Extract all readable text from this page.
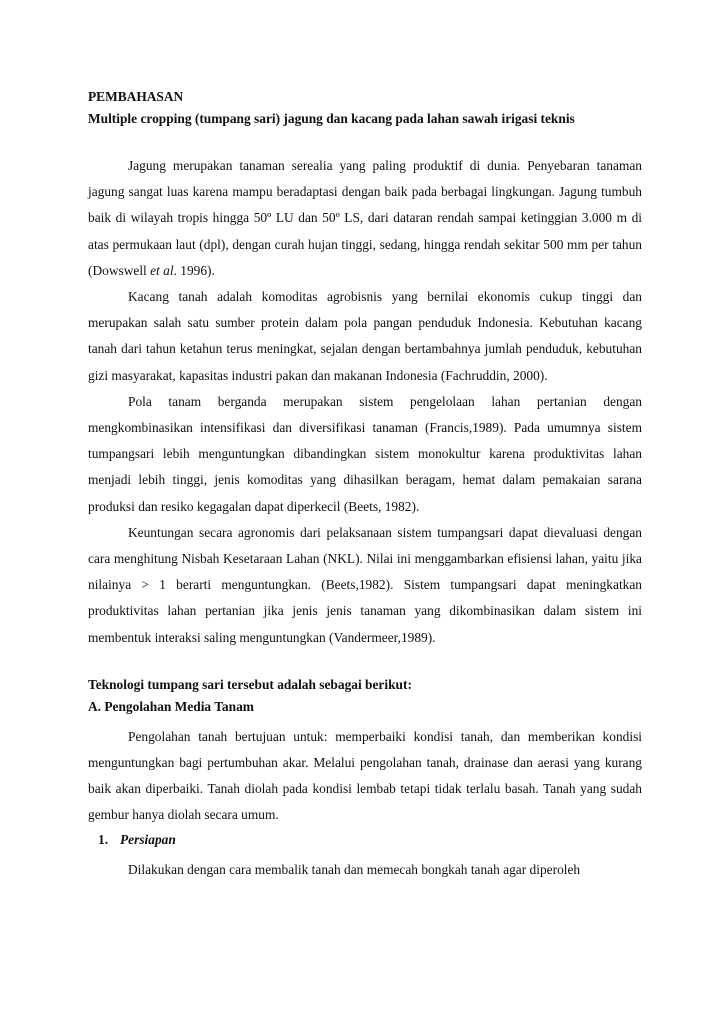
PEMBAHASAN

Multiple cropping (tumpang sari) jagung dan kacang pada lahan sawah irigasi teknis

Jagung merupakan tanaman serealia yang paling produktif di dunia. Penyebaran tanaman jagung sangat luas karena mampu beradaptasi dengan baik pada berbagai lingkungan. Jagung tumbuh baik di wilayah tropis hingga 50º LU dan 50º LS, dari dataran rendah sampai ketinggian 3.000 m di atas permukaan laut (dpl), dengan curah hujan tinggi, sedang, hingga rendah sekitar 500 mm per tahun (Dowswell et al. 1996).

Kacang tanah adalah komoditas agrobisnis yang bernilai ekonomis cukup tinggi dan merupakan salah satu sumber protein dalam pola pangan penduduk Indonesia. Kebutuhan kacang tanah dari tahun ketahun terus meningkat, sejalan dengan bertambahnya jumlah penduduk, kebutuhan gizi masyarakat, kapasitas industri pakan dan makanan Indonesia (Fachruddin, 2000).

Pola tanam berganda merupakan sistem pengelolaan lahan pertanian dengan mengkombinasikan intensifikasi dan diversifikasi tanaman (Francis,1989). Pada umumnya sistem tumpangsari lebih menguntungkan dibandingkan sistem monokultur karena produktivitas lahan menjadi lebih tinggi, jenis komoditas yang dihasilkan beragam, hemat dalam pemakaian sarana produksi dan resiko kegagalan dapat diperkecil (Beets, 1982).

Keuntungan secara agronomis dari pelaksanaan sistem tumpangsari dapat dievaluasi dengan cara menghitung Nisbah Kesetaraan Lahan (NKL). Nilai ini menggambarkan efisiensi lahan, yaitu jika nilainya > 1 berarti menguntungkan. (Beets,1982). Sistem tumpangsari dapat meningkatkan produktivitas lahan pertanian jika jenis jenis tanaman yang dikombinasikan dalam sistem ini membentuk interaksi saling menguntungkan (Vandermeer,1989).

Teknologi tumpang sari tersebut adalah sebagai berikut:

A. Pengolahan Media Tanam

Pengolahan tanah bertujuan untuk: memperbaiki kondisi tanah, dan memberikan kondisi menguntungkan bagi pertumbuhan akar. Melalui pengolahan tanah, drainase dan aerasi yang kurang baik akan diperbaiki. Tanah diolah pada kondisi lembab tetapi tidak terlalu basah. Tanah yang sudah gembur hanya diolah secara umum.

1. Persiapan

Dilakukan dengan cara membalik tanah dan memecah bongkah tanah agar diperoleh
